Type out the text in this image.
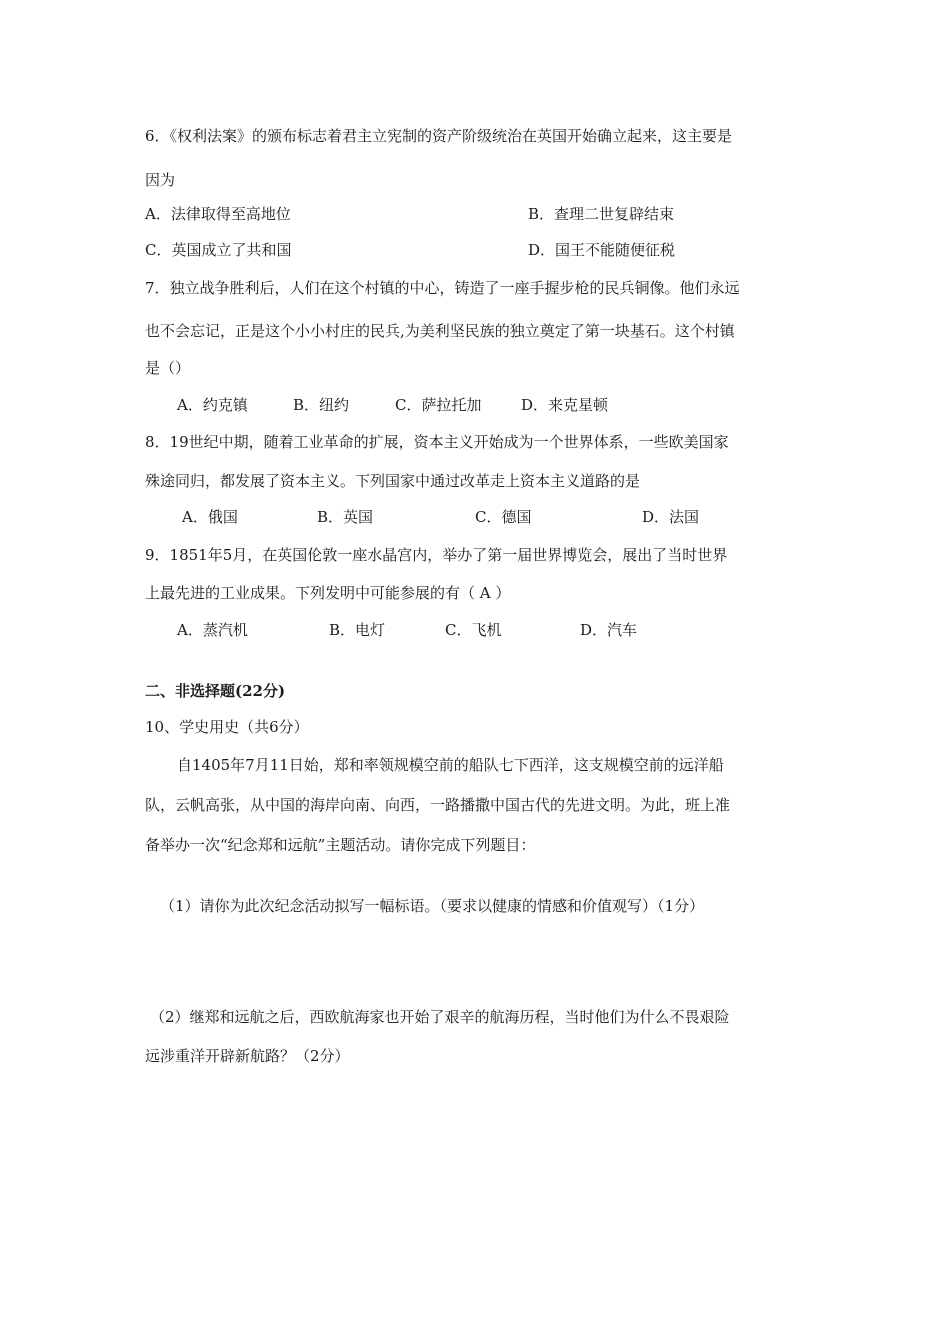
6．《权利法案》的颁布标志着君主立宪制的资产阶级统治在英国开始确立起来，这主要是
因为
A．法律取得至高地位	B．查理二世复辟结束
C．英国成立了共和国	D．国王不能随便征税
7．独立战争胜利后，人们在这个村镇的中心，铸造了一座手握步枪的民兵铜像。他们永远
也不会忘记，正是这个小小村庄的民兵,为美利坚民族的独立奠定了第一块基石。这个村镇
是（）
A．约克镇	B．纽约	C．萨拉托加	D．来克星顿
8．19世纪中期，随着工业革命的扩展，资本主义开始成为一个世界体系，一些欧美国家
殊途同归，都发展了资本主义。下列国家中通过改革走上资本主义道路的是
A．俄国	B．英国	C．德国	D．法国
9．1851年5月，在英国伦敦一座水晶宫内，举办了第一届世界博览会，展出了当时世界
上最先进的工业成果。下列发明中可能参展的有（ A ）
A．蒸汽机	B．电灯	C．飞机	D．汽车
二、非选择题(22分)
10、学史用史（共6分）
自1405年7月11日始，郑和率领规模空前的船队七下西洋，这支规模空前的远洋船
队，云帆高张，从中国的海岸向南、向西，一路播撒中国古代的先进文明。为此，班上准
备举办一次“纪念郑和远航”主题活动。请你完成下列题目：
（1）请你为此次纪念活动拟写一幅标语。（要求以健康的情感和价值观写）（1分）
（2）继郑和远航之后，西欧航海家也开始了艰辛的航海历程，当时他们为什么不畏艰险
远涉重洋开辟新航路？（2分）
